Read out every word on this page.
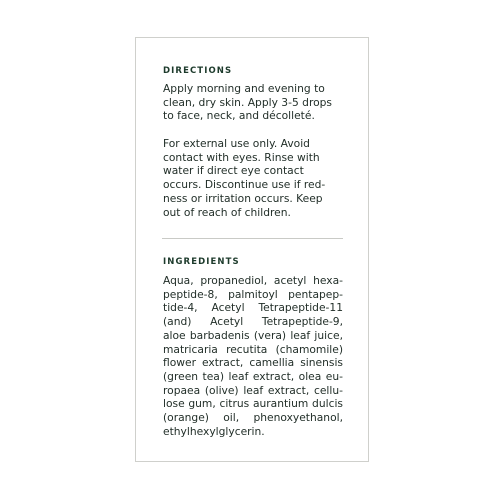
DIRECTIONS
Apply morning and evening to
clean, dry skin. Apply 3-5 drops
to face, neck, and décolleté.
For external use only. Avoid
contact with eyes. Rinse with
water if direct eye contact
occurs. Discontinue use if red-
ness or irritation occurs. Keep
out of reach of children.
INGREDIENTS
Aqua, propanediol, acetyl hexa-
peptide-8, palmitoyl pentapep-
tide-4, Acetyl Tetrapeptide-11
(and) Acetyl Tetrapeptide-9,
aloe barbadenis (vera) leaf juice,
matricaria recutita (chamomile)
flower extract, camellia sinensis
(green tea) leaf extract, olea eu-
ropaea (olive) leaf extract, cellu-
lose gum, citrus aurantium dulcis
(orange) oil, phenoxyethanol,
ethylhexylglycerin.
